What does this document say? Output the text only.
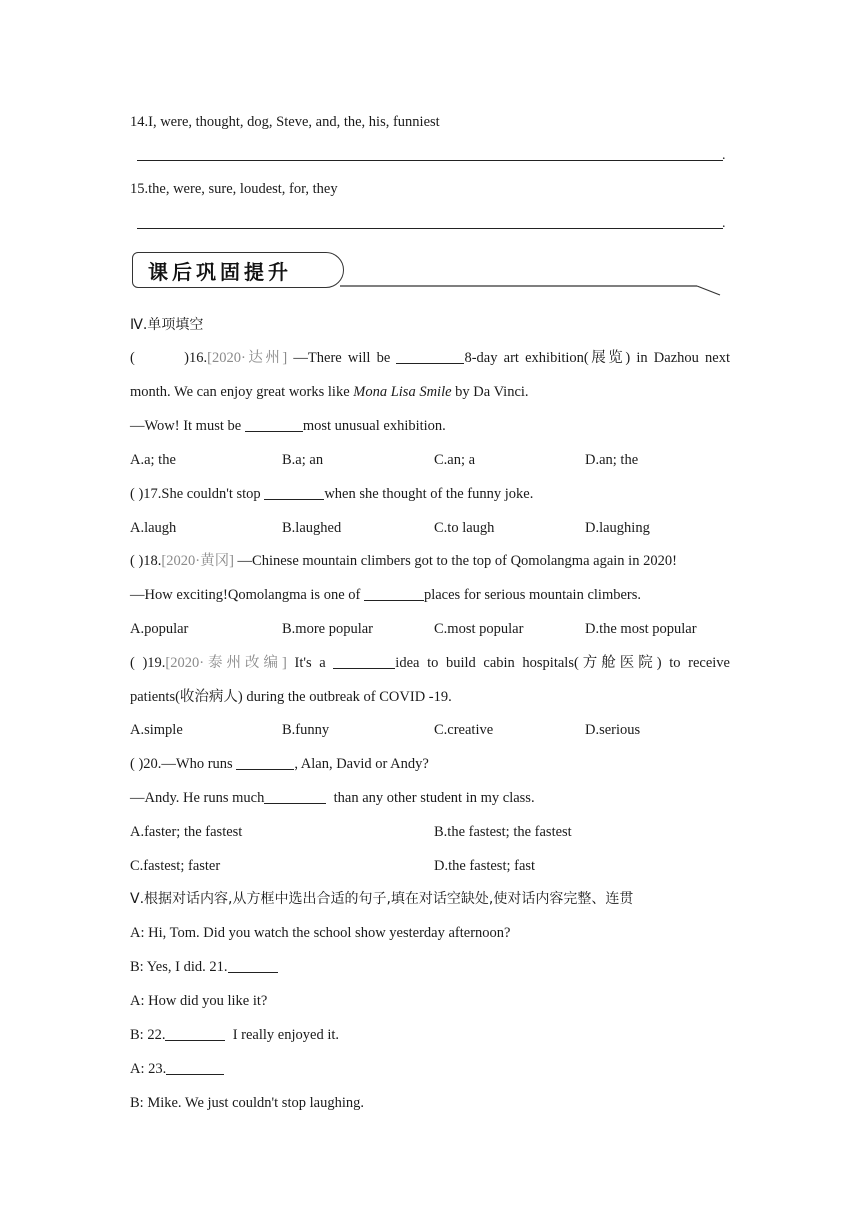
14.I, were, thought, dog, Steve, and, the, his, funniest
.
15.the, were, sure, loudest, for, they
.
课后巩固提升
Ⅳ.单项填空
(	)16.[2020·达州] —There will be	8-day art exhibition(展览) in Dazhou next
month. We can enjoy great works like Mona Lisa Smile by Da Vinci.
—Wow! It must be	most unusual exhibition.
A.a; the	B.a; an	C.an; a	D.an; the
( )17.She couldn't stop	when she thought of the funny joke.
A.laugh	B.laughed	C.to laugh	D.laughing
( )18.[2020·黄冈] —Chinese mountain climbers got to the top of Qomolangma again in 2020!
—How exciting!Qomolangma is one of	places for serious mountain climbers.
A.popular	B.more popular	C.most popular	D.the most popular
( )19.[2020·泰州改编] It's a	idea to build cabin hospitals(方舱医院) to receive
patients(收治病人) during the outbreak of COVID -19.
A.simple	B.funny	C.creative	D.serious
( )20.—Who runs	, Alan, David or Andy?
—Andy. He runs much	than any other student in my class.
A.faster; the fastest	B.the fastest; the fastest
C.fastest; faster	D.the fastest; fast
Ⅴ.根据对话内容,从方框中选出合适的句子,填在对话空缺处,使对话内容完整、连贯
A: Hi, Tom. Did you watch the school show yesterday afternoon?
B: Yes, I did. 21.
A: How did you like it?
B: 22.	I really enjoyed it.
A: 23.
B: Mike. We just couldn't stop laughing.
